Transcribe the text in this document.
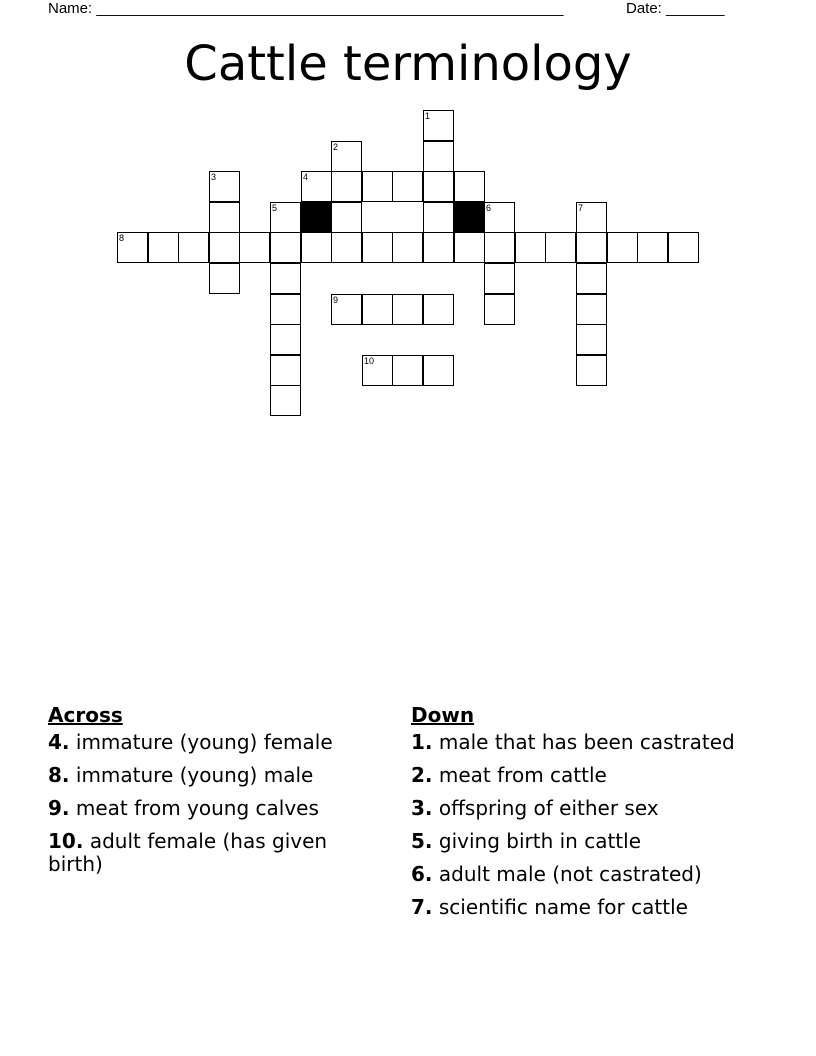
Name: ________________________________________________________	Date: _______
Cattle terminology
8
4
9
10
1
2
3
5	6	7
Across
4. immature (young) female
8. immature (young) male
9. meat from young calves
10. adult female (has given birth)
Down
1. male that has been castrated
2. meat from cattle
3. offspring of either sex
5. giving birth in cattle
6. adult male (not castrated)
7. scientific name for cattle
